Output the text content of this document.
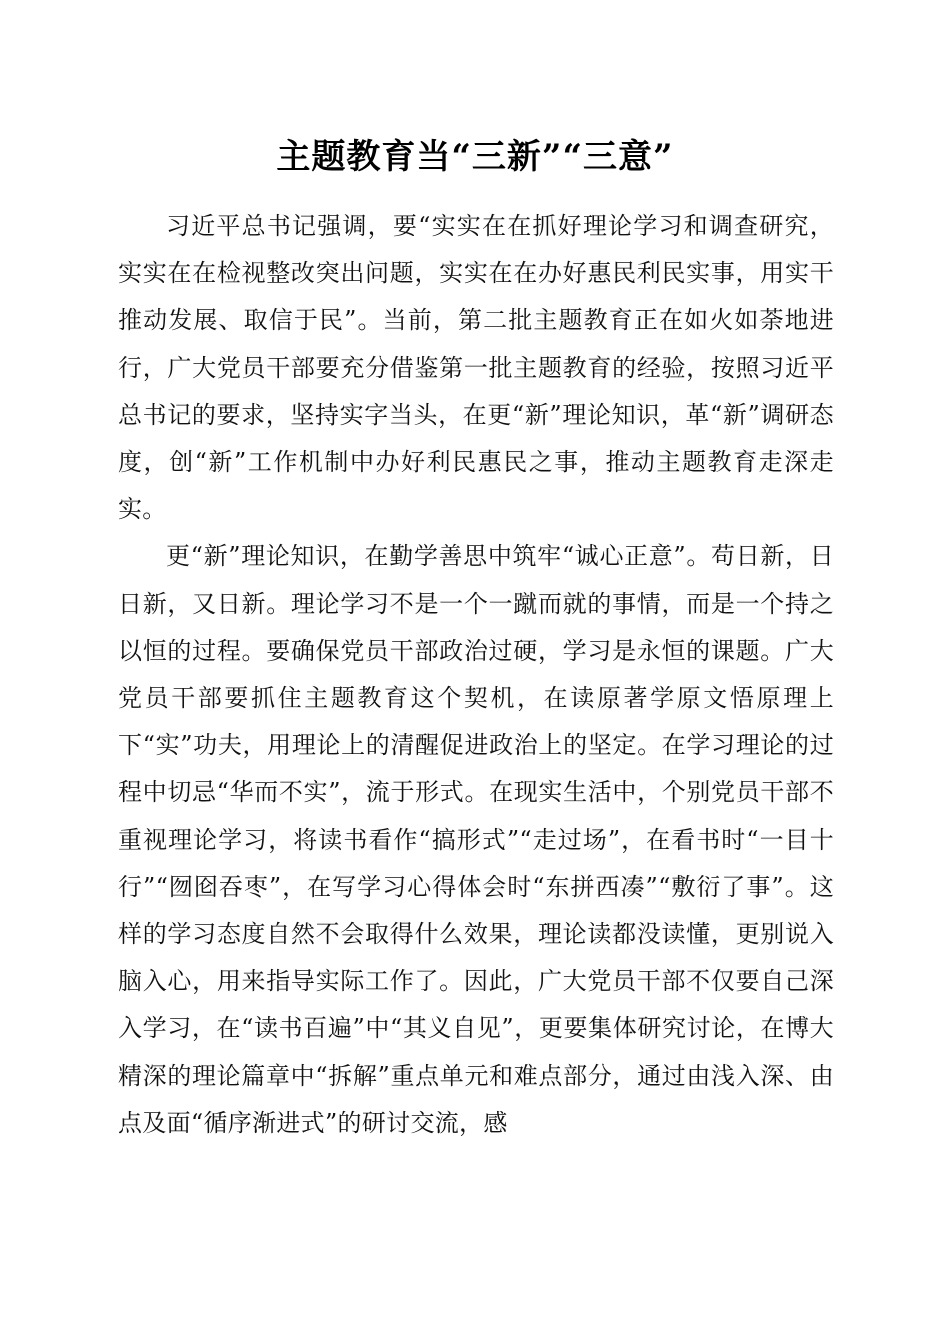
主题教育当“三新”“三意”

习近平总书记强调，要“实实在在抓好理论学习和调查研究，实实在在检视整改突出问题，实实在在办好惠民利民实事，用实干推动发展、取信于民”。当前，第二批主题教育正在如火如荼地进行，广大党员干部要充分借鉴第一批主题教育的经验，按照习近平总书记的要求，坚持实字当头，在更“新”理论知识，革“新”调研态度，创“新”工作机制中办好利民惠民之事，推动主题教育走深走实。

更“新”理论知识，在勤学善思中筑牢“诚心正意”。苟日新，日日新，又日新。理论学习不是一个一蹴而就的事情，而是一个持之以恒的过程。要确保党员干部政治过硬，学习是永恒的课题。广大党员干部要抓住主题教育这个契机，在读原著学原文悟原理上下“实”功夫，用理论上的清醒促进政治上的坚定。在学习理论的过程中切忌“华而不实”，流于形式。在现实生活中，个别党员干部不重视理论学习，将读书看作“搞形式”“走过场”，在看书时“一目十行”“囫囵吞枣”，在写学习心得体会时“东拼西凑”“敷衍了事”。这样的学习态度自然不会取得什么效果，理论读都没读懂，更别说入脑入心，用来指导实际工作了。因此，广大党员干部不仅要自己深入学习，在“读书百遍”中“其义自见”，更要集体研究讨论，在博大精深的理论篇章中“拆解”重点单元和难点部分，通过由浅入深、由点及面“循序渐进式”的研讨交流，感
